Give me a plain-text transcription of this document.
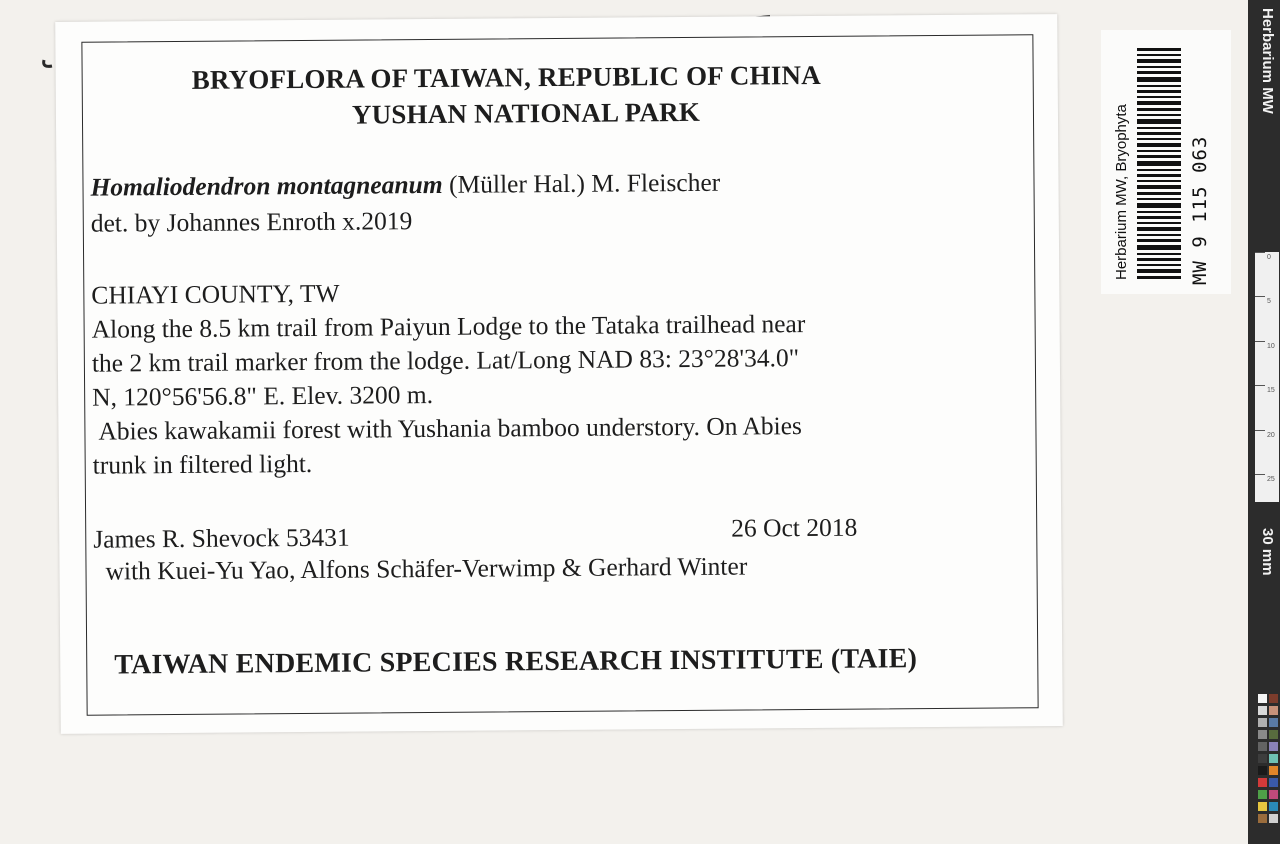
BRYOFLORA OF TAIWAN, REPUBLIC OF CHINA

YUSHAN NATIONAL PARK

Homaliodendron montagneanum (Müller Hal.) M. Fleischer

det. by Johannes Enroth x.2019

CHIAYI COUNTY, TW

Along the 8.5 km trail from Paiyun Lodge to the Tataka trailhead near

the 2 km trail marker from the lodge. Lat/Long NAD 83: 23°28'34.0"

N, 120°56'56.8" E. Elev. 3200 m.

Abies kawakamii forest with Yushania bamboo understory. On Abies

trunk in filtered light.

James R. Shevock 53431	26 Oct 2018

with Kuei-Yu Yao, Alfons Schäfer-Verwimp & Gerhard Winter

TAIWAN ENDEMIC SPECIES RESEARCH INSTITUTE (TAIE)

Herbarium MW, Bryophyta	MW 9 115 063
Herbarium MW
30 mm
0
5
10
15
20
25
